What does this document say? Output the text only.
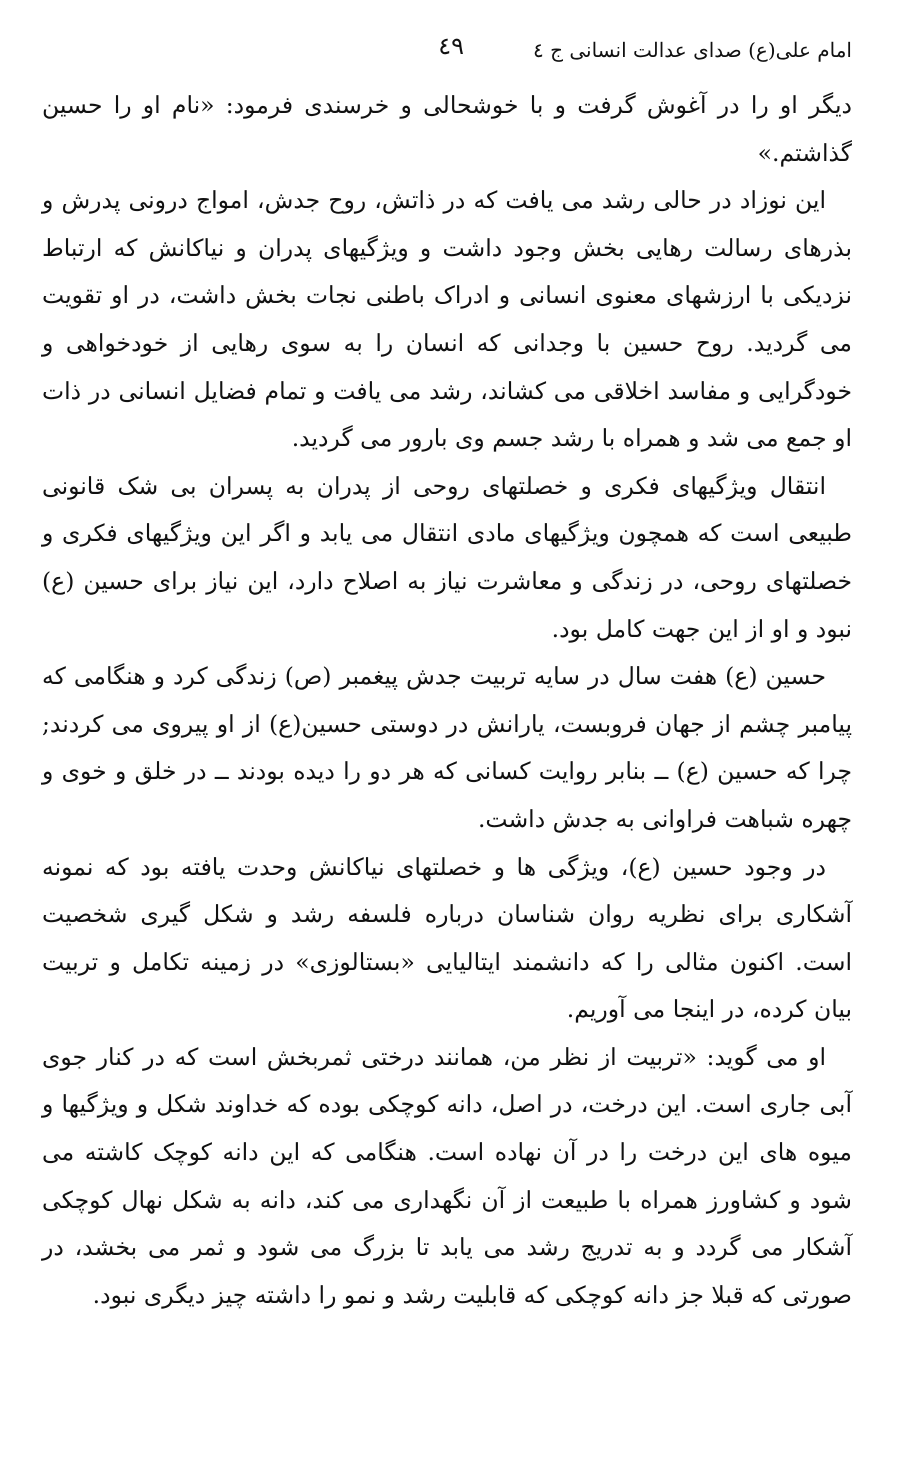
امام علی(ع) صدای عدالت انسانی ج ٤
٤٩

دیگر او را در آغوش گرفت و با خوشحالی و خرسندی فرمود: «نام او را حسین گذاشتم.»

این نوزاد در حالی رشد می یافت که در ذاتش، روح جدش، امواج درونی پدرش و بذرهای رسالت رهایی بخش وجود داشت و ویژگیهای پدران و نیاکانش که ارتباط نزدیکی با ارزشهای معنوی انسانی و ادراک باطنی نجات بخش داشت، در او تقویت می گردید. روح حسین با وجدانی که انسان را به سوی رهایی از خودخواهی و خودگرایی و مفاسد اخلاقی می کشاند، رشد می یافت و تمام فضایل انسانی در ذات او جمع می شد و همراه با رشد جسم وی بارور می گردید.

انتقال ویژگیهای فکری و خصلتهای روحی از پدران به پسران بی شک قانونی طبیعی است که همچون ویژگیهای مادی انتقال می یابد و اگر این ویژگیهای فکری و خصلتهای روحی، در زندگی و معاشرت نیاز به اصلاح دارد، این نیاز برای حسین (ع) نبود و او از این جهت کامل بود.

حسین (ع) هفت سال در سایه تربیت جدش پیغمبر (ص) زندگی کرد و هنگامی که پیامبر چشم از جهان فروبست، یارانش در دوستی حسین(ع) از او پیروی می کردند; چرا که حسین (ع) ــ بنابر روایت کسانی که هر دو را دیده بودند ــ در خلق و خوی و چهره شباهت فراوانی به جدش داشت.

در وجود حسین (ع)، ویژگی ها و خصلتهای نیاکانش وحدت یافته بود که نمونه آشکاری برای نظریه روان شناسان درباره فلسفه رشد و شکل گیری شخصیت است. اکنون مثالی را که دانشمند ایتالیایی «بستالوزی» در زمینه تکامل و تربیت بیان کرده، در اینجا می آوریم.

او می گوید: «تربیت از نظر من، همانند درختی ثمربخش است که در کنار جوی آبی جاری است. این درخت، در اصل، دانه کوچکی بوده که خداوند شکل و ویژگیها و میوه های این درخت را در آن نهاده است. هنگامی که این دانه کوچک کاشته می شود و کشاورز همراه با طبیعت از آن نگهداری می کند، دانه به شکل نهال کوچکی آشکار می گردد و به تدریج رشد می یابد تا بزرگ می شود و ثمر می بخشد، در صورتی که قبلا جز دانه کوچکی که قابلیت رشد و نمو را داشته چیز دیگری نبود.
